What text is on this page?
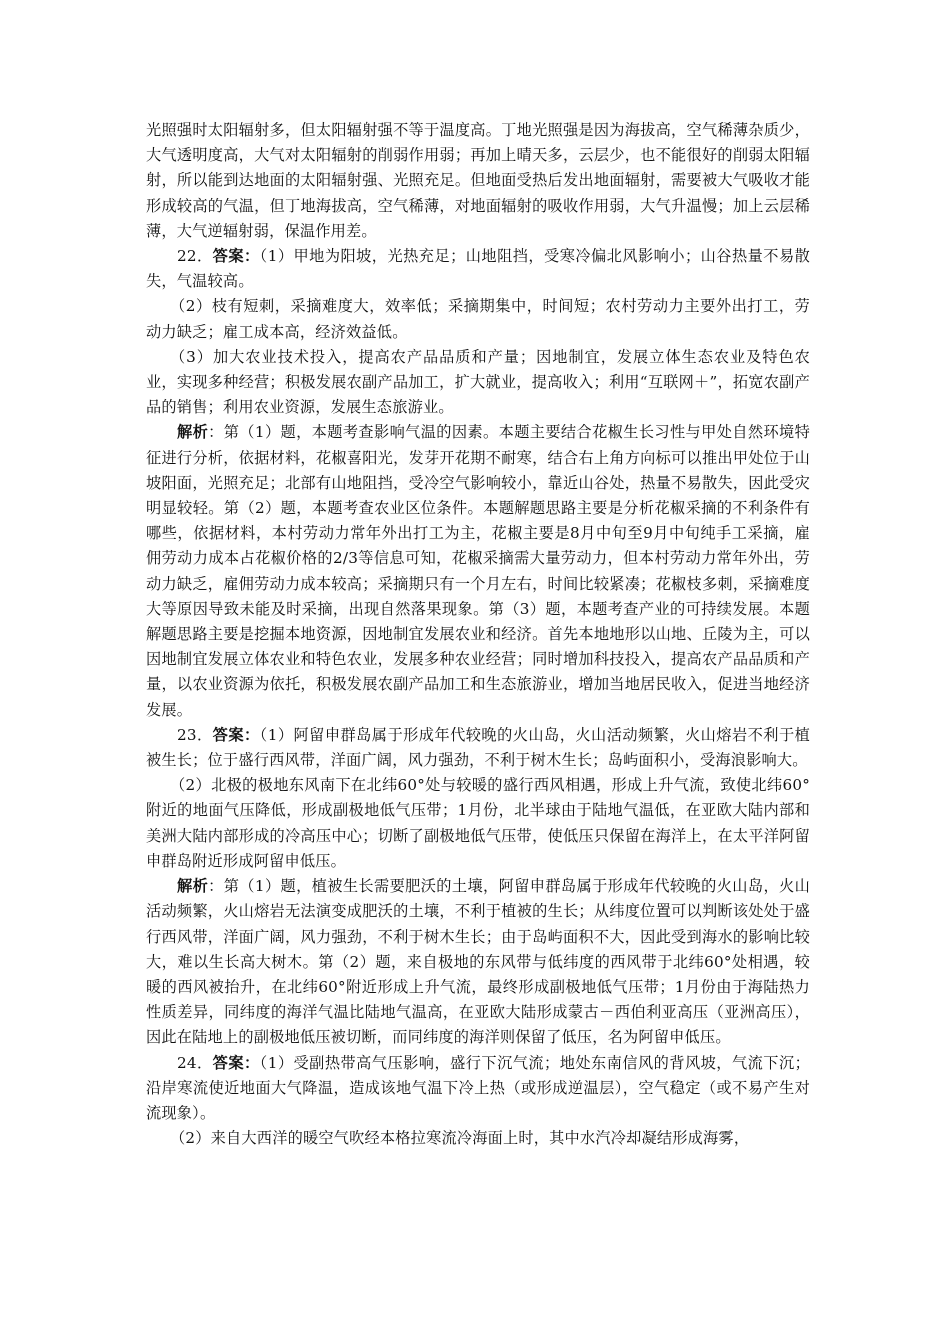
光照强时太阳辐射多，但太阳辐射强不等于温度高。丁地光照强是因为海拔高，空气稀薄杂质少，大气透明度高，大气对太阳辐射的削弱作用弱；再加上晴天多，云层少，也不能很好的削弱太阳辐射，所以能到达地面的太阳辐射强、光照充足。但地面受热后发出地面辐射，需要被大气吸收才能形成较高的气温，但丁地海拔高，空气稀薄，对地面辐射的吸收作用弱，大气升温慢；加上云层稀薄，大气逆辐射弱，保温作用差。

22．答案：（1）甲地为阳坡，光热充足；山地阻挡，受寒冷偏北风影响小；山谷热量不易散失，气温较高。

（2）枝有短刺，采摘难度大，效率低；采摘期集中，时间短；农村劳动力主要外出打工，劳动力缺乏；雇工成本高，经济效益低。

（3）加大农业技术投入，提高农产品品质和产量；因地制宜，发展立体生态农业及特色农业，实现多种经营；积极发展农副产品加工，扩大就业，提高收入；利用“互联网＋”，拓宽农副产品的销售；利用农业资源，发展生态旅游业。

解析：第（1）题，本题考查影响气温的因素。本题主要结合花椒生长习性与甲处自然环境特征进行分析，依据材料，花椒喜阳光，发芽开花期不耐寒，结合右上角方向标可以推出甲处位于山坡阳面，光照充足；北部有山地阻挡，受冷空气影响较小，靠近山谷处，热量不易散失，因此受灾明显较轻。第（2）题，本题考查农业区位条件。本题解题思路主要是分析花椒采摘的不利条件有哪些，依据材料，本村劳动力常年外出打工为主，花椒主要是8月中旬至9月中旬纯手工采摘，雇佣劳动力成本占花椒价格的2/3等信息可知，花椒采摘需大量劳动力，但本村劳动力常年外出，劳动力缺乏，雇佣劳动力成本较高；采摘期只有一个月左右，时间比较紧凑；花椒枝多刺，采摘难度大等原因导致未能及时采摘，出现自然落果现象。第（3）题，本题考查产业的可持续发展。本题解题思路主要是挖掘本地资源，因地制宜发展农业和经济。首先本地地形以山地、丘陵为主，可以因地制宜发展立体农业和特色农业，发展多种农业经营；同时增加科技投入，提高农产品品质和产量，以农业资源为依托，积极发展农副产品加工和生态旅游业，增加当地居民收入，促进当地经济发展。

23．答案：（1）阿留申群岛属于形成年代较晚的火山岛，火山活动频繁，火山熔岩不利于植被生长；位于盛行西风带，洋面广阔，风力强劲，不利于树木生长；岛屿面积小，受海浪影响大。

（2）北极的极地东风南下在北纬60°处与较暖的盛行西风相遇，形成上升气流，致使北纬60°附近的地面气压降低，形成副极地低气压带；1月份，北半球由于陆地气温低，在亚欧大陆内部和美洲大陆内部形成的冷高压中心；切断了副极地低气压带，使低压只保留在海洋上，在太平洋阿留申群岛附近形成阿留申低压。

解析：第（1）题，植被生长需要肥沃的土壤，阿留申群岛属于形成年代较晚的火山岛，火山活动频繁，火山熔岩无法演变成肥沃的土壤，不利于植被的生长；从纬度位置可以判断该处处于盛行西风带，洋面广阔，风力强劲，不利于树木生长；由于岛屿面积不大，因此受到海水的影响比较大，难以生长高大树木。第（2）题，来自极地的东风带与低纬度的西风带于北纬60°处相遇，较暖的西风被抬升，在北纬60°附近形成上升气流，最终形成副极地低气压带；1月份由于海陆热力性质差异，同纬度的海洋气温比陆地气温高，在亚欧大陆形成蒙古－西伯利亚高压（亚洲高压），因此在陆地上的副极地低压被切断，而同纬度的海洋则保留了低压，名为阿留申低压。

24．答案：（1）受副热带高气压影响，盛行下沉气流；地处东南信风的背风坡，气流下沉；沿岸寒流使近地面大气降温，造成该地气温下冷上热（或形成逆温层），空气稳定（或不易产生对流现象）。

（2）来自大西洋的暖空气吹经本格拉寒流冷海面上时，其中水汽冷却凝结形成海雾，
